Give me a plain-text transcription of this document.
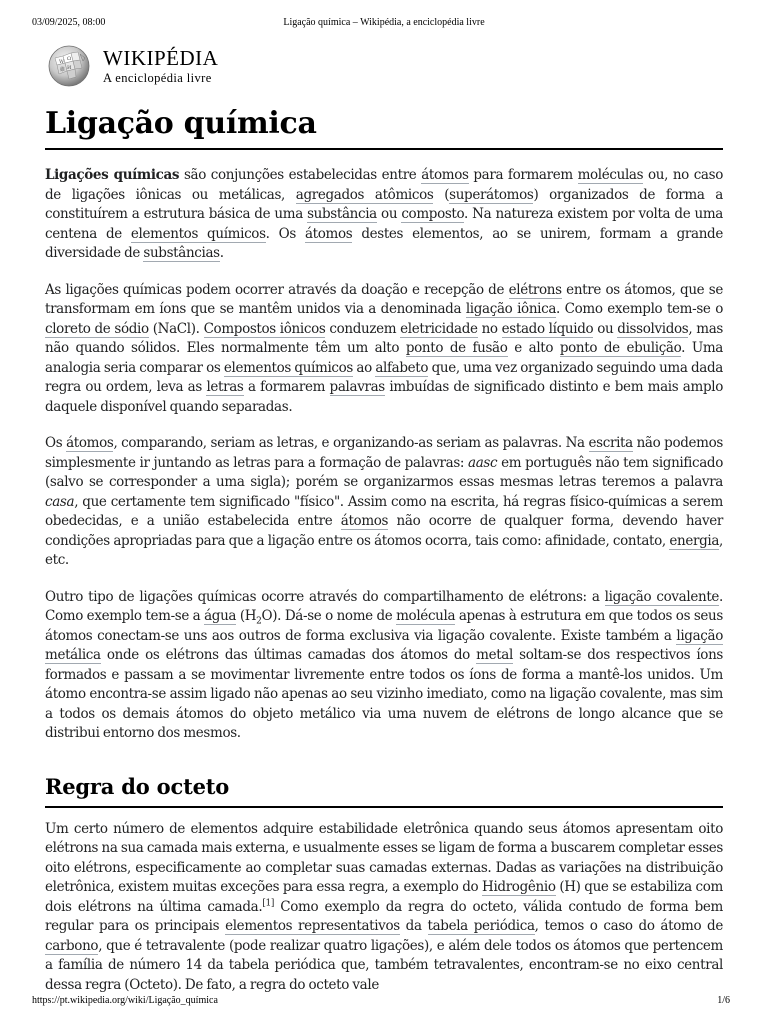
03/09/2025, 08:00	Ligação química – Wikipédia, a enciclopédia livre
W Ω
И
維
WIKIPÉDIA
A enciclopédia livre
Ligação química

Ligações químicas são conjunções estabelecidas entre átomos para formarem moléculas ou, no caso de ligações iônicas ou metálicas, agregados atômicos (superátomos) organizados de forma a constituírem a estrutura básica de uma substância ou composto. Na natureza existem por volta de uma centena de elementos químicos. Os átomos destes elementos, ao se unirem, formam a grande diversidade de substâncias.

As ligações químicas podem ocorrer através da doação e recepção de elétrons entre os átomos, que se transformam em íons que se mantêm unidos via a denominada ligação iônica. Como exemplo tem-se o cloreto de sódio (NaCl). Compostos iônicos conduzem eletricidade no estado líquido ou dissolvidos, mas não quando sólidos. Eles normalmente têm um alto ponto de fusão e alto ponto de ebulição. Uma analogia seria comparar os elementos químicos ao alfabeto que, uma vez organizado seguindo uma dada regra ou ordem, leva as letras a formarem palavras imbuídas de significado distinto e bem mais amplo daquele disponível quando separadas.

Os átomos, comparando, seriam as letras, e organizando-as seriam as palavras. Na escrita não podemos simplesmente ir juntando as letras para a formação de palavras: aasc em português não tem significado (salvo se corresponder a uma sigla); porém se organizarmos essas mesmas letras teremos a palavra casa, que certamente tem significado "físico". Assim como na escrita, há regras físico-químicas a serem obedecidas, e a união estabelecida entre átomos não ocorre de qualquer forma, devendo haver condições apropriadas para que a ligação entre os átomos ocorra, tais como: afinidade, contato, energia, etc.

Outro tipo de ligações químicas ocorre através do compartilhamento de elétrons: a ligação covalente. Como exemplo tem-se a água $(H_2O)$. Dá-se o nome de molécula apenas à estrutura em que todos os seus átomos conectam-se uns aos outros de forma exclusiva via ligação covalente. Existe também a ligação metálica onde os elétrons das últimas camadas dos átomos do metal soltam-se dos respectivos íons formados e passam a se movimentar livremente entre todos os íons de forma a mantê-los unidos. Um átomo encontra-se assim ligado não apenas ao seu vizinho imediato, como na ligação covalente, mas sim a todos os demais átomos do objeto metálico via uma nuvem de elétrons de longo alcance que se distribui entorno dos mesmos.

Regra do octeto

Um certo número de elementos adquire estabilidade eletrônica quando seus átomos apresentam oito elétrons na sua camada mais externa, e usualmente esses se ligam de forma a buscarem completar esses oito elétrons, especificamente ao completar suas camadas externas. Dadas as variações na distribuição eletrônica, existem muitas exceções para essa regra, a exemplo do Hidrogênio (H) que se estabiliza com dois elétrons na última camada.[1] Como exemplo da regra do octeto, válida contudo de forma bem regular para os principais elementos representativos da tabela periódica, temos o caso do átomo de carbono, que é tetravalente (pode realizar quatro ligações), e além dele todos os átomos que pertencem a família de número 14 da tabela periódica que, também tetravalentes, encontram-se no eixo central dessa regra (Octeto). De fato, a regra do octeto vale

https://pt.wikipedia.org/wiki/Ligação_química	1/6
